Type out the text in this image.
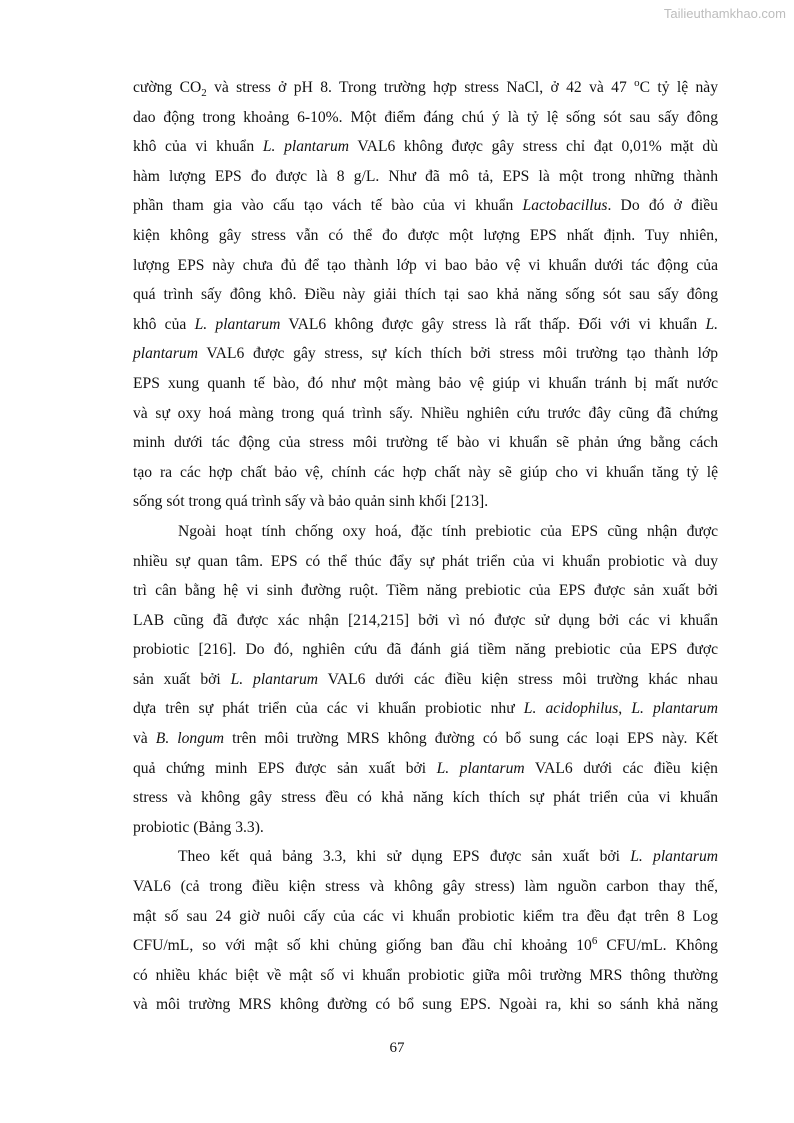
Tailieuthamkhao.com
cường $CO_2$ và stress ở pH 8. Trong trường hợp stress NaCl, ở 42 và 47 $^o$C tỷ lệ này
dao động trong khoảng 6-10%. Một điểm đáng chú ý là tỷ lệ sống sót sau sấy đông
khô của vi khuẩn L. plantarum VAL6 không được gây stress chỉ đạt 0,01% mặt dù
hàm lượng EPS đo được là 8 g/L. Như đã mô tả, EPS là một trong những thành
phần tham gia vào cấu tạo vách tế bào của vi khuẩn Lactobacillus. Do đó ở điều
kiện không gây stress vẫn có thể đo được một lượng EPS nhất định. Tuy nhiên,
lượng EPS này chưa đủ để tạo thành lớp vi bao bảo vệ vi khuẩn dưới tác động của
quá trình sấy đông khô. Điều này giải thích tại sao khả năng sống sót sau sấy đông
khô của L. plantarum VAL6 không được gây stress là rất thấp. Đối với vi khuẩn L.
plantarum VAL6 được gây stress, sự kích thích bởi stress môi trường tạo thành lớp
EPS xung quanh tế bào, đó như một màng bảo vệ giúp vi khuẩn tránh bị mất nước
và sự oxy hoá màng trong quá trình sấy. Nhiều nghiên cứu trước đây cũng đã chứng
minh dưới tác động của stress môi trường tế bào vi khuẩn sẽ phản ứng bằng cách
tạo ra các hợp chất bảo vệ, chính các hợp chất này sẽ giúp cho vi khuẩn tăng tỷ lệ
sống sót trong quá trình sấy và bảo quản sinh khối [213].
Ngoài hoạt tính chống oxy hoá, đặc tính prebiotic của EPS cũng nhận được
nhiều sự quan tâm. EPS có thể thúc đẩy sự phát triển của vi khuẩn probiotic và duy
trì cân bằng hệ vi sinh đường ruột. Tiềm năng prebiotic của EPS được sản xuất bởi
LAB cũng đã được xác nhận [214,215] bởi vì nó được sử dụng bởi các vi khuẩn
probiotic [216]. Do đó, nghiên cứu đã đánh giá tiềm năng prebiotic của EPS được
sản xuất bởi L. plantarum VAL6 dưới các điều kiện stress môi trường khác nhau
dựa trên sự phát triển của các vi khuẩn probiotic như L. acidophilus, L. plantarum
và B. longum trên môi trường MRS không đường có bổ sung các loại EPS này. Kết
quả chứng minh EPS được sản xuất bởi L. plantarum VAL6 dưới các điều kiện
stress và không gây stress đều có khả năng kích thích sự phát triển của vi khuẩn
probiotic (Bảng 3.3).
Theo kết quả bảng 3.3, khi sử dụng EPS được sản xuất bởi L. plantarum
VAL6 (cả trong điều kiện stress và không gây stress) làm nguồn carbon thay thế,
mật số sau 24 giờ nuôi cấy của các vi khuẩn probiotic kiểm tra đều đạt trên 8 Log
CFU/mL, so với mật số khi chủng giống ban đầu chỉ khoảng $10^6$ CFU/mL. Không
có nhiều khác biệt về mật số vi khuẩn probiotic giữa môi trường MRS thông thường
và môi trường MRS không đường có bổ sung EPS. Ngoài ra, khi so sánh khả năng
67
